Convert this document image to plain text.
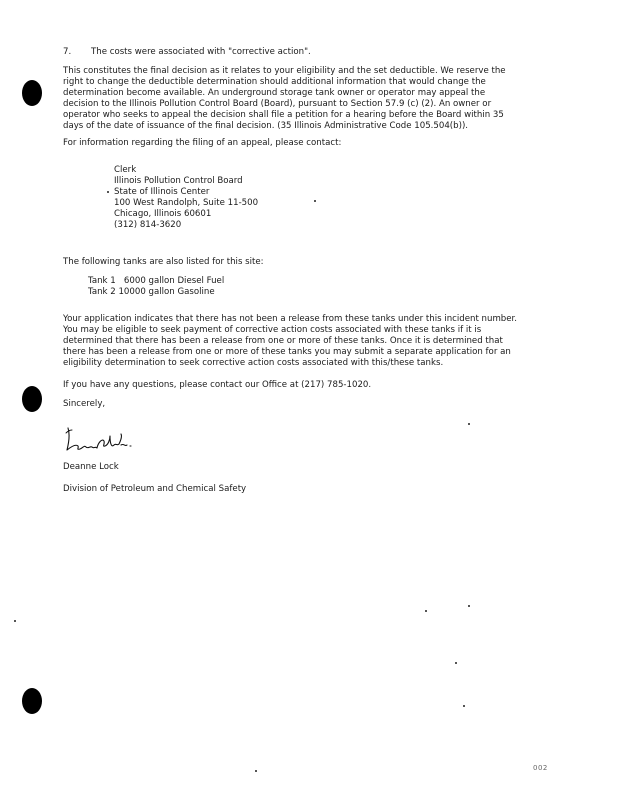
7. The costs were associated with "corrective action".
This constitutes the final decision as it relates to your eligibility and the set deductible. We reserve the
right to change the deductible determination should additional information that would change the
determination become available. An underground storage tank owner or operator may appeal the
decision to the Illinois Pollution Control Board (Board), pursuant to Section 57.9 (c) (2). An owner or
operator who seeks to appeal the decision shall file a petition for a hearing before the Board within 35
days of the date of issuance of the final decision. (35 Illinois Administrative Code 105.504(b)).
For information regarding the filing of an appeal, please contact:
Clerk
Illinois Pollution Control Board
State of Illinois Center
100 West Randolph, Suite 11-500
Chicago, Illinois 60601
(312) 814-3620
The following tanks are also listed for this site:
Tank 1   6000 gallon Diesel Fuel
Tank 2 10000 gallon Gasoline
Your application indicates that there has not been a release from these tanks under this incident number.
You may be eligible to seek payment of corrective action costs associated with these tanks if it is
determined that there has been a release from one or more of these tanks. Once it is determined that
there has been a release from one or more of these tanks you may submit a separate application for an
eligibility determination to seek corrective action costs associated with this/these tanks.
If you have any questions, please contact our Office at (217) 785-1020.
Sincerely,
Deanne Lock
Division of Petroleum and Chemical Safety
002
